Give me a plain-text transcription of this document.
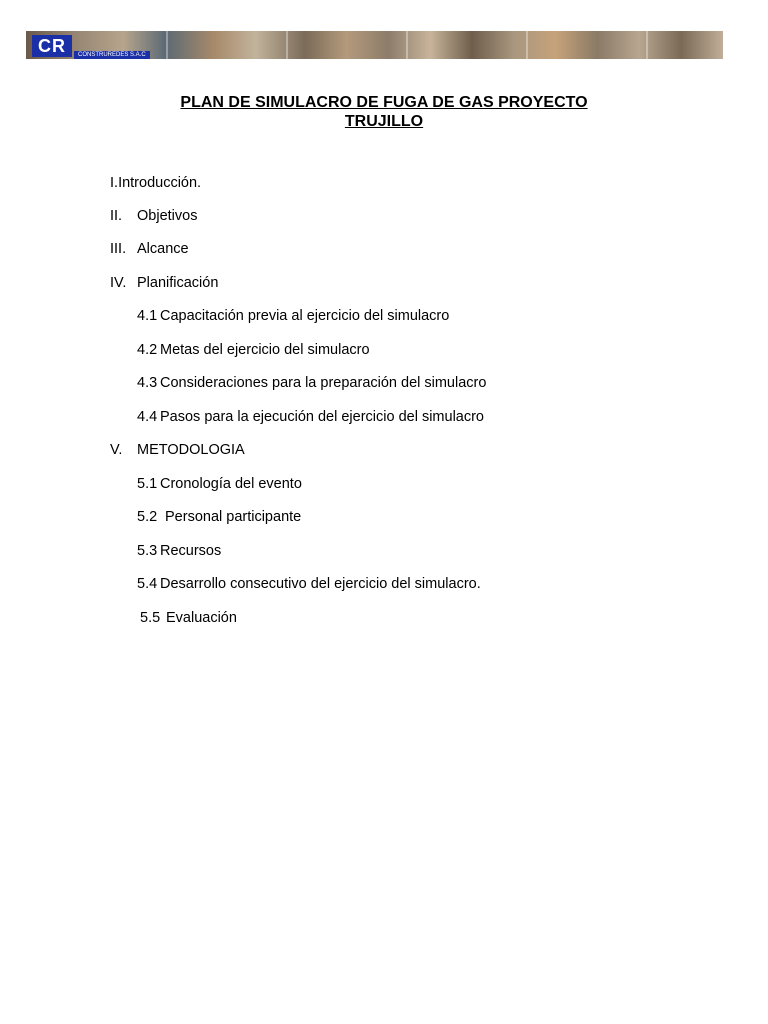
CR	CONSTRUREDES S.A.C
PLAN DE SIMULACRO DE FUGA DE GAS PROYECTO
TRUJILLO
I.Introducción.
II. Objetivos
III. Alcance
IV. Planificación
4.1 Capacitación previa al ejercicio del simulacro
4.2 Metas del ejercicio del simulacro
4.3 Consideraciones para la preparación del simulacro
4.4 Pasos para la ejecución del ejercicio del simulacro
V. METODOLOGIA
5.1 Cronología del evento
5.2 Personal participante
5.3 Recursos
5.4 Desarrollo consecutivo del ejercicio del simulacro.
5.5 Evaluación
